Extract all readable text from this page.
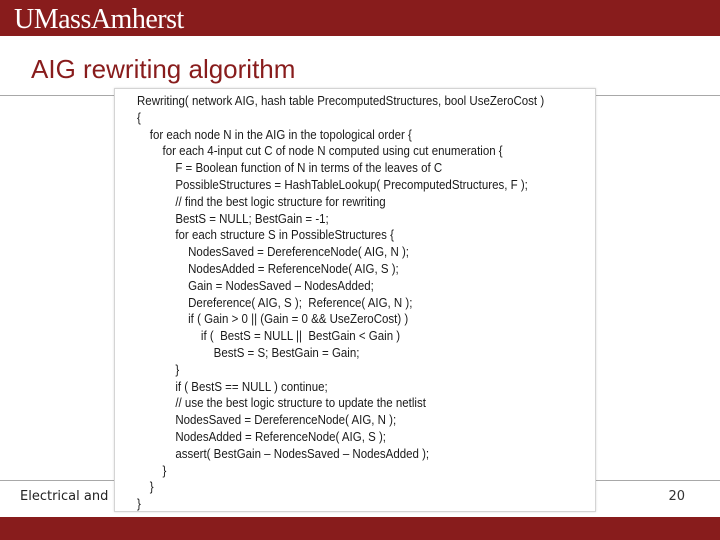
UMassAmherst
AIG rewriting algorithm
Electrical and	20
Rewriting( network AIG, hash table PrecomputedStructures, bool UseZeroCost )
{
for each node N in the AIG in the topological order {
for each 4-input cut C of node N computed using cut enumeration {
F = Boolean function of N in terms of the leaves of C
PossibleStructures = HashTableLookup( PrecomputedStructures, F );
// find the best logic structure for rewriting
BestS = NULL; BestGain = -1;
for each structure S in PossibleStructures {
NodesSaved = DereferenceNode( AIG, N );
NodesAdded = ReferenceNode( AIG, S );
Gain = NodesSaved – NodesAdded;
Dereference( AIG, S );  Reference( AIG, N );
if ( Gain > 0 || (Gain = 0 && UseZeroCost) )
if (  BestS = NULL ||  BestGain < Gain )
BestS = S; BestGain = Gain;
}
if ( BestS == NULL ) continue;
// use the best logic structure to update the netlist
NodesSaved = DereferenceNode( AIG, N );
NodesAdded = ReferenceNode( AIG, S );
assert( BestGain – NodesSaved – NodesAdded );
}
}
}
